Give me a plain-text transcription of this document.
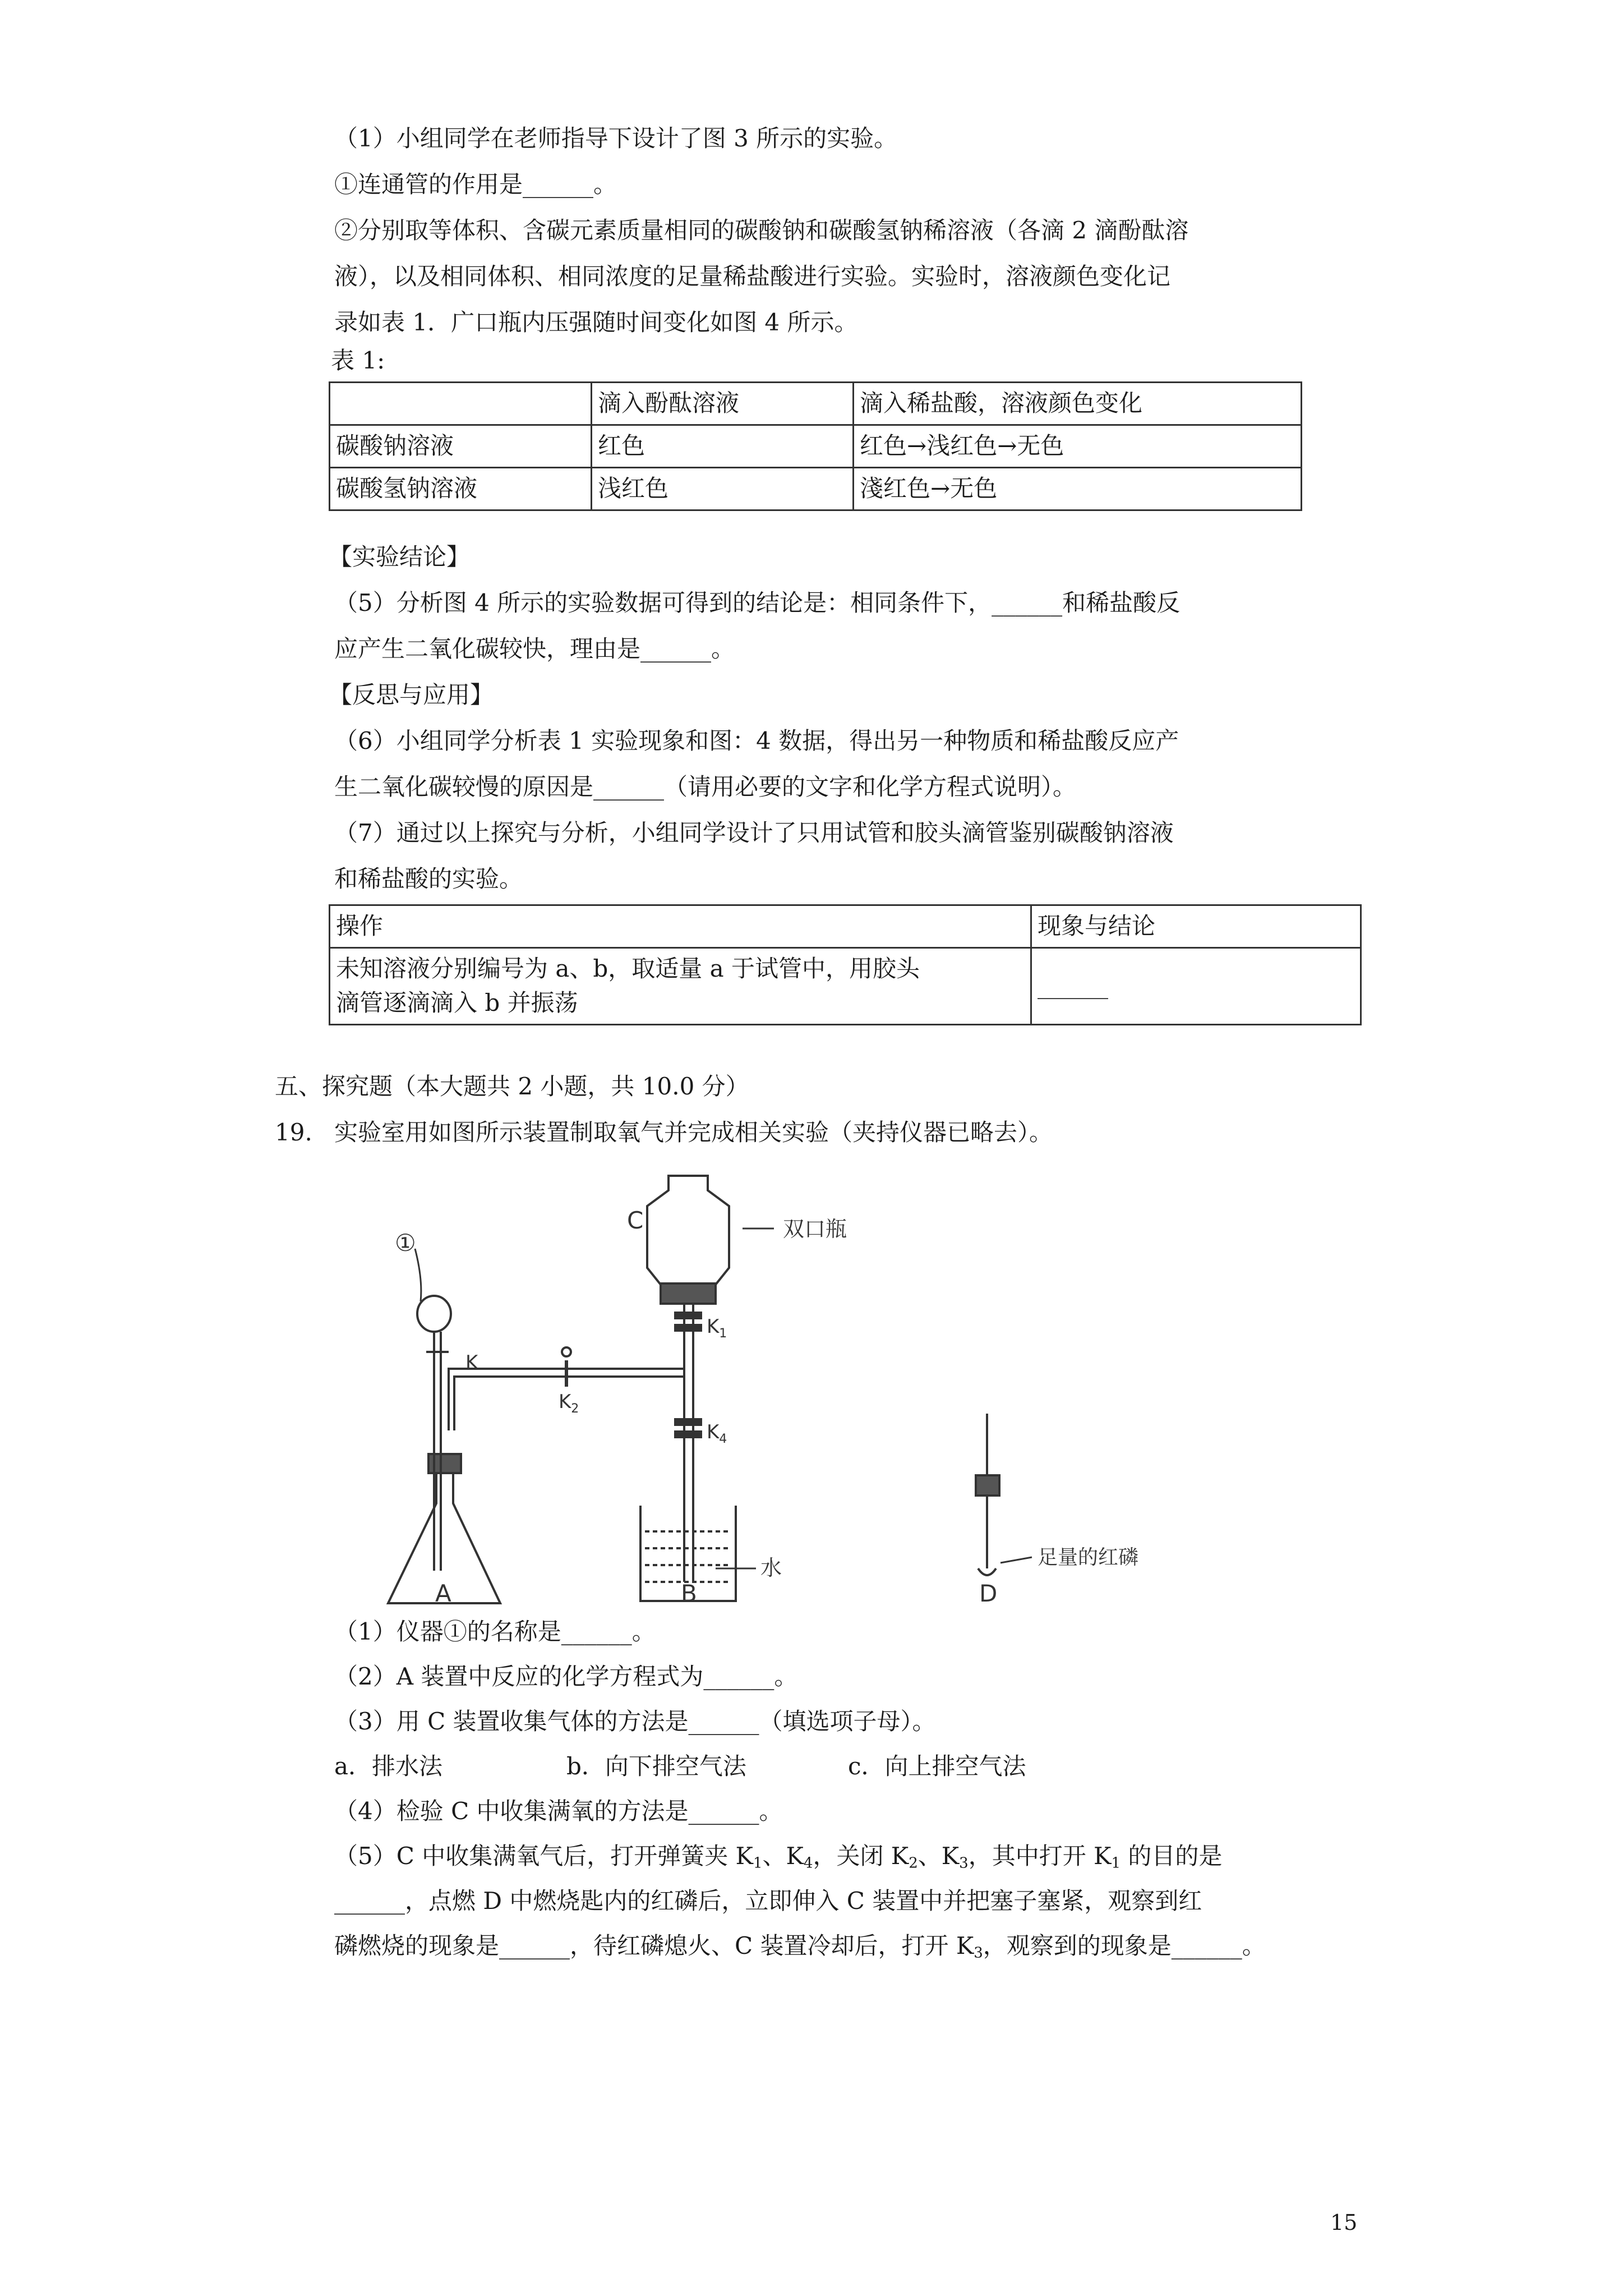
（1）小组同学在老师指导下设计了图 3 所示的实验。
①连通管的作用是______。
②分别取等体积、含碳元素质量相同的碳酸钠和碳酸氢钠稀溶液（各滴 2 滴酚酞溶
液），以及相同体积、相同浓度的足量稀盐酸进行实验。实验时，溶液颜色变化记
录如表 1．广口瓶内压强随时间变化如图 4 所示。
表 1:
	滴入酚酞溶液	滴入稀盐酸，溶液颜色变化
碳酸钠溶液	红色	红色→浅红色→无色
碳酸氢钠溶液	浅红色	淺红色→无色
【实验结论】
（5）分析图 4 所示的实验数据可得到的结论是：相同条件下，______和稀盐酸反
应产生二氧化碳较快，理由是______。
【反思与应用】
（6）小组同学分析表 1 实验现象和图：4 数据，得出另一种物质和稀盐酸反应产
生二氧化碳较慢的原因是______（请用必要的文字和化学方程式说明）。
（7）通过以上探究与分析，小组同学设计了只用试管和胶头滴管鉴别碳酸钠溶液
和稀盐酸的实验。
操作	现象与结论

未知溶液分别编号为 a、b，取适量 a 于试管中，用胶头
滴管逐滴滴入 b 并振荡	______
五、探究题（本大题共 2 小题，共 10.0 分）
19. 实验室用如图所示装置制取氧气并完成相关实验（夹持仪器已略去）。
C	双口瓶
①
K
$K_1$
$K_2$
$K_4$
水	足量的红磷
A	B	D
（1）仪器①的名称是______。
（2）A 装置中反应的化学方程式为______。
（3）用 C 装置收集气体的方法是______（填选项子母）。
a．排水法	b．向下排空气法	c．向上排空气法
（4）检验 C 中收集满氧的方法是______。
（5）C 中收集满氧气后，打开弹簧夹 $K_1$、$K_4$，关闭 $K_2$、$K_3$，其中打开 $K_1$ 的目的是
______，点燃 D 中燃烧匙内的红磷后，立即伸入 C 装置中并把塞子塞紧，观察到红
磷燃烧的现象是______，待红磷熄火、C 装置冷却后，打开 $K_3$，观察到的现象是______。
15
